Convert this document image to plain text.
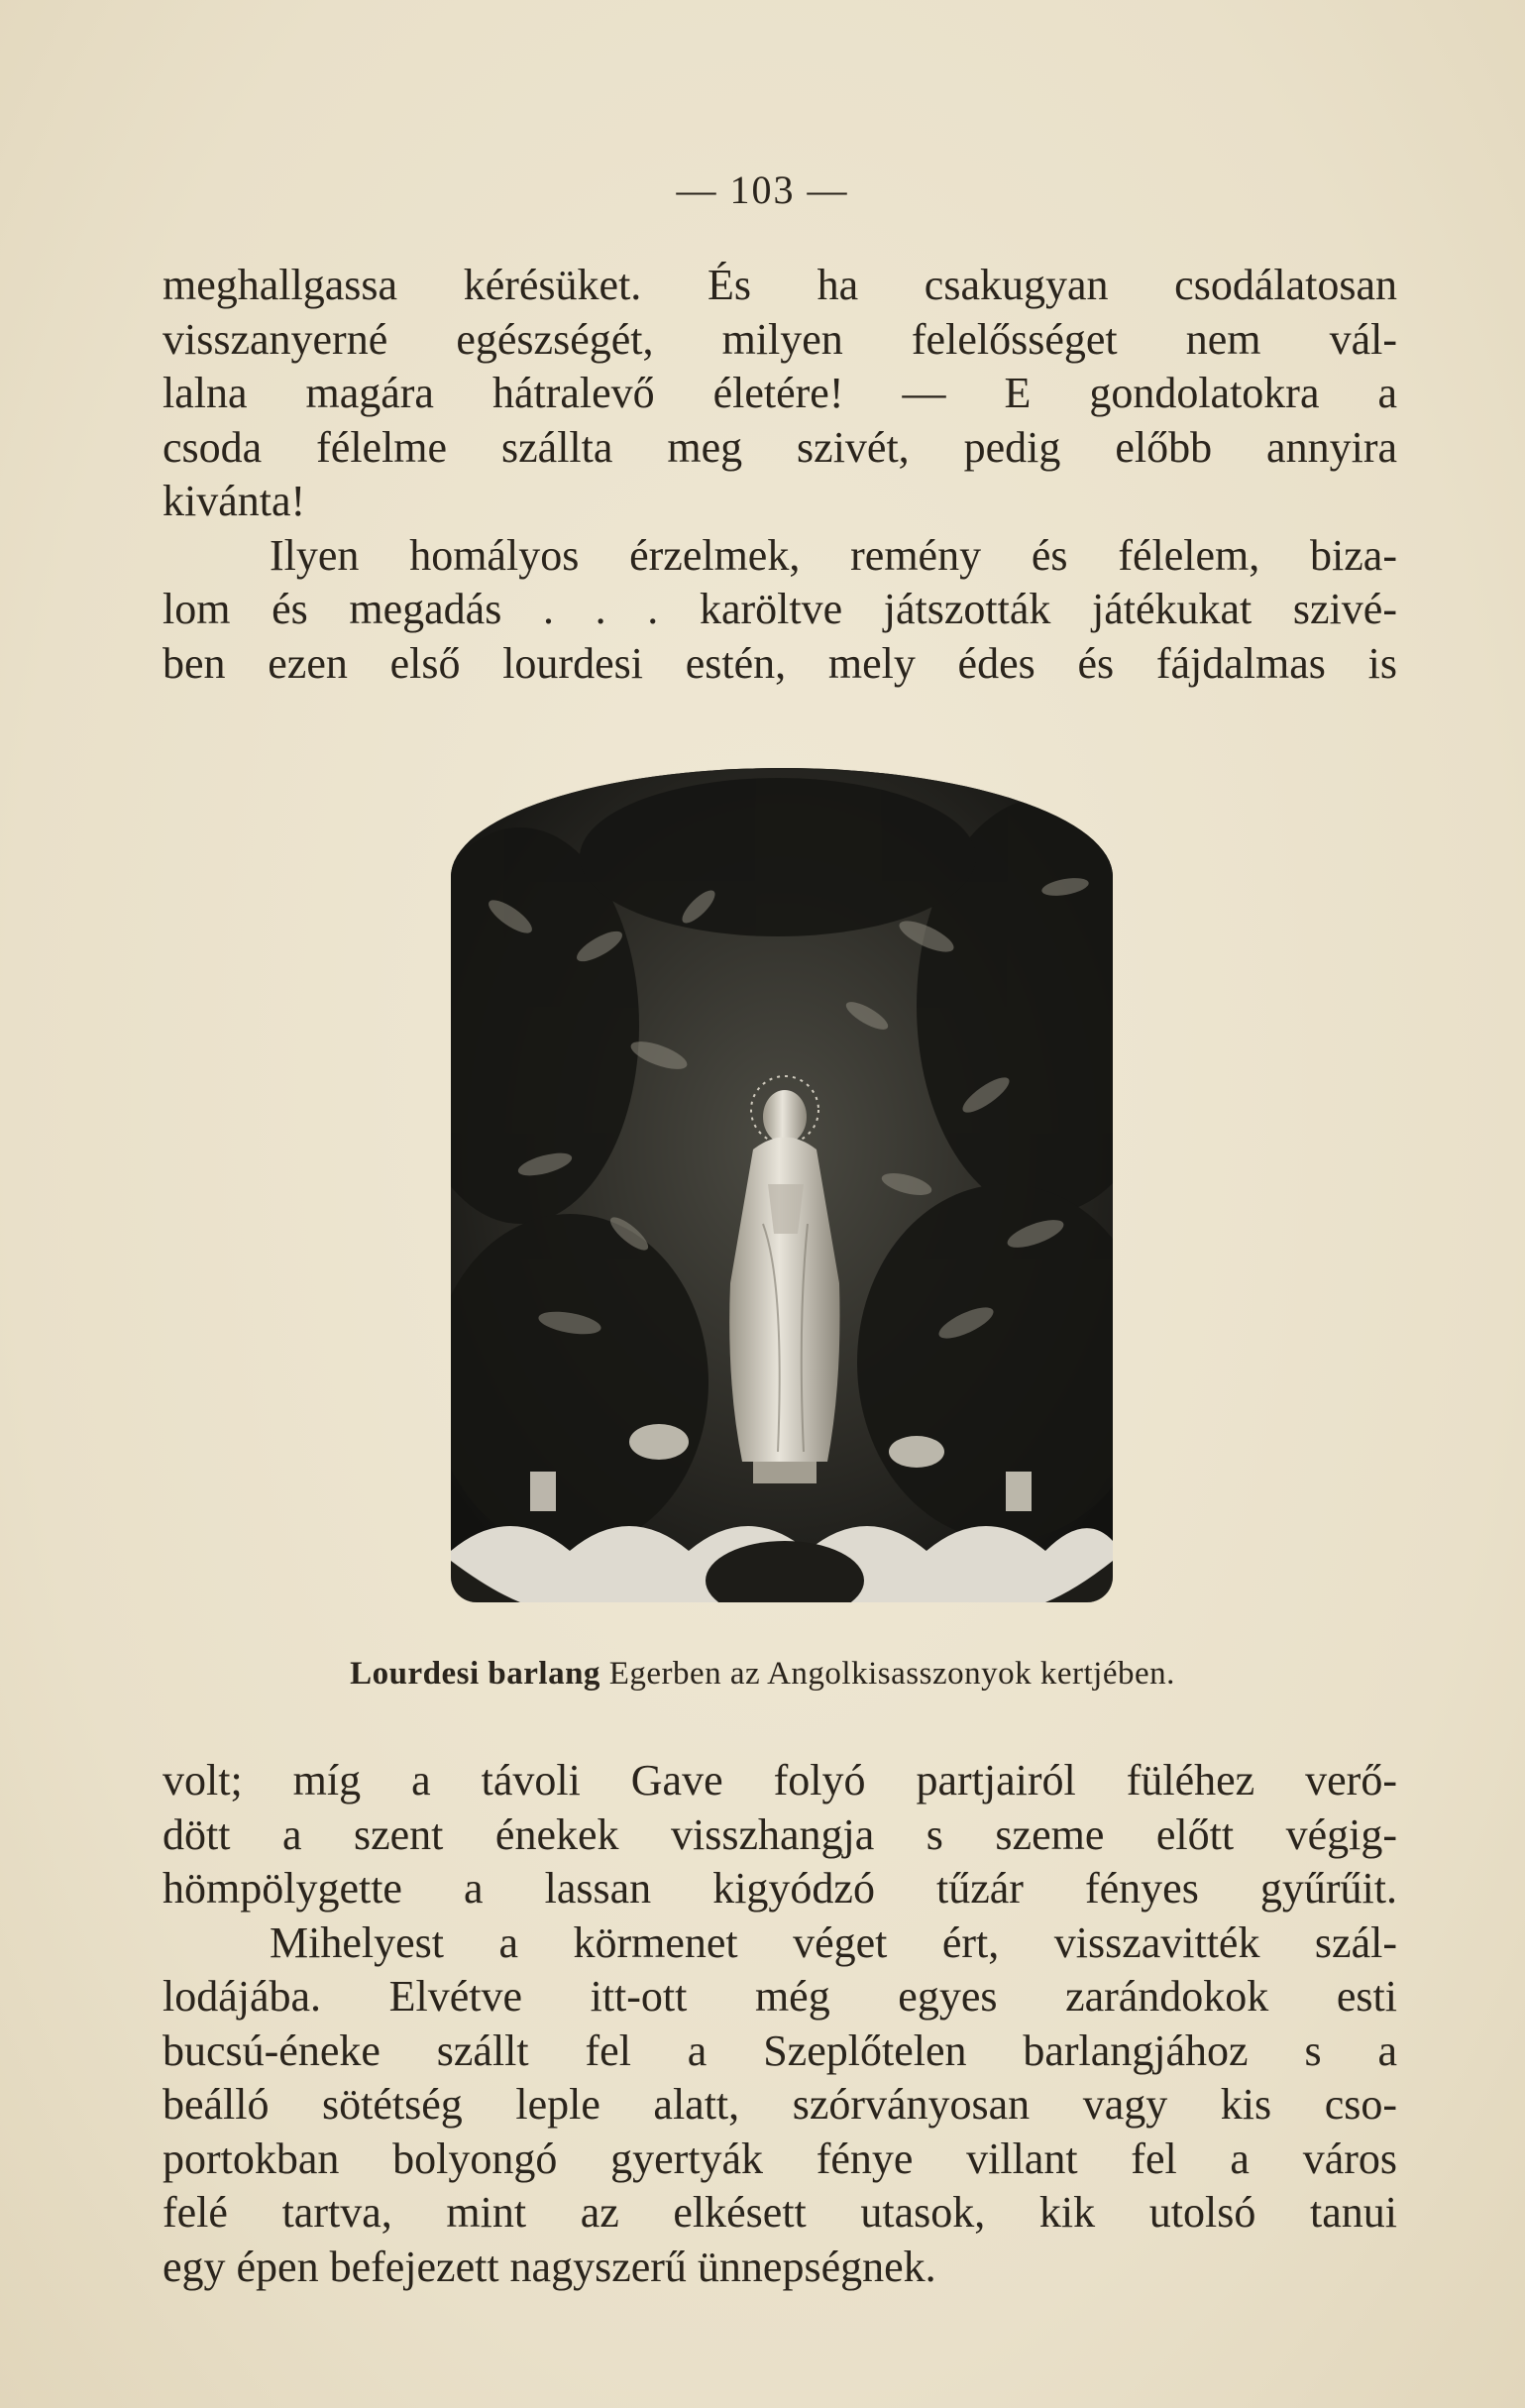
— 103 —
meghallgassa kérésüket. És ha csakugyan csodálatosan
visszanyerné egészségét, milyen felelősséget nem vál-
lalna magára hátralevő életére! — E gondolatokra a
csoda félelme szállta meg szivét, pedig előbb annyira
kivánta!
Ilyen homályos érzelmek, remény és félelem, biza-
lom és megadás . . . karöltve játszották játékukat szivé-
ben ezen első lourdesi estén, mely édes és fájdalmas is
Lourdesi barlang Egerben az Angolkisasszonyok kertjében.
volt; míg a távoli Gave folyó partjairól füléhez verő-
dött a szent énekek visszhangja s szeme előtt végig-
hömpölygette a lassan kigyódzó tűzár fényes gyűrűit.
Mihelyest a körmenet véget ért, visszavitték szál-
lodájába. Elvétve itt-ott még egyes zarándokok esti
bucsú-éneke szállt fel a Szeplőtelen barlangjához s a
beálló sötétség leple alatt, szórványosan vagy kis cso-
portokban bolyongó gyertyák fénye villant fel a város
felé tartva, mint az elkésett utasok, kik utolsó tanui
egy épen befejezett nagyszerű ünnepségnek.
